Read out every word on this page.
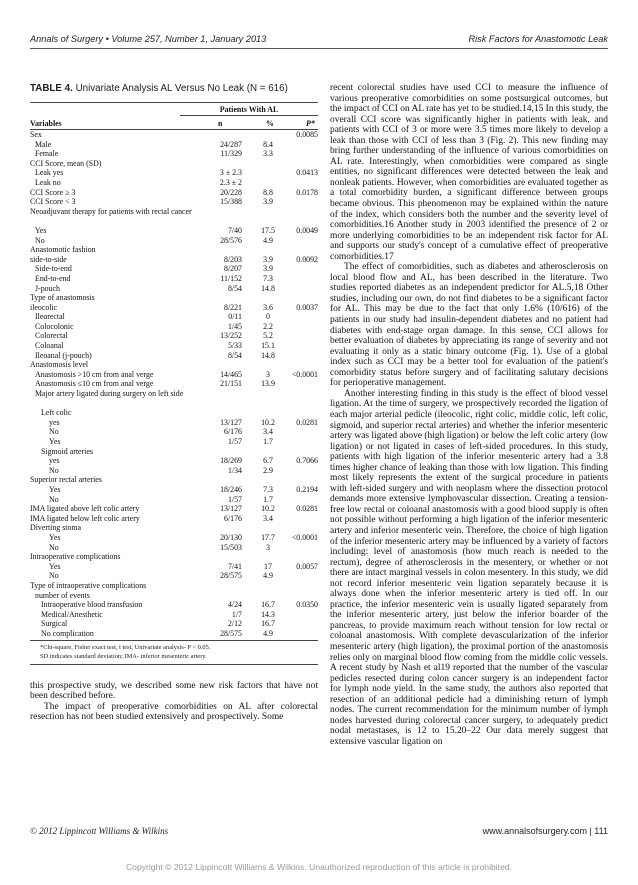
Annals of Surgery • Volume 257, Number 1, January 2013	Risk Factors for Anastomotic Leak
TABLE 4. Univariate Analysis AL Versus No Leak (N = 616)
Patients With AL
Variables	n	%	P*
Sex	0.0085
Male	24/287	8.4
Female	11/329	3.3
CCI Score, mean (SD)
Leak yes	3 ± 2.3	0.0413
Leak no	2.3 ± 2
CCI Score ≥ 3	20/228	8.8	0.0178
CCI Score < 3	15/388	3.9
Neoadjuvant therapy for patients with rectal cancer
Yes	7/40	17.5	0.0049
No	28/576	4.9
Anastomotic fashion
side-to-side	8/203	3.9	0.0092
Side-to-end	8/207	3.9
End-to-end	11/152	7.3
J-pouch	8/54	14.8
Type of anastomosis
ileocolic	8/221	3.6	0.0037
Ileorectal	0/11	0
Colocolonic	1/45	2.2
Colorectal	13/252	5.2
Coloanal	5/33	15.1
Ileoanal (j-pouch)	8/54	14.8
Anastomosis level
Anastomosis >10 cm from anal verge	14/465	3	<0.0001
Anastomosis ≤10 cm from anal verge	21/151	13.9
Major artery ligated during surgery on left side
Left colic
yes	13/127	10.2	0.0281
No	6/176	3.4
Yes	1/57	1.7
Sigmoid arteries
yes	18/269	6.7	0.7066
No	1/34	2.9
Superior rectal arteries
Yes	18/246	7.3	0.2194
No	1/57	1.7
IMA ligated above left colic artery	13/127	10.2	0.0281
IMA ligated below left colic artery	6/176	3.4
Diverting stoma
Yes	20/130	17.7	<0.0001
No	15/503	3
Intraoperative complications
Yes	7/41	17	0.0057
No	28/575	4.9
Type of intraoperative complications
number of events
Intraoperative blood transfusion	4/24	16.7	0.0350
Medical/Anesthetic	1/7	14.3
Surgical	2/12	16.7
No complication	28/575	4.9
*Chi-square, Fisher exact test, t test, Univariate analysis- P < 0.05.
SD indicates standard deviation; IMA- inferior mesenteric artery.

this prospective study, we described some new risk factors that have not been described before.

The impact of preoperative comorbidities on AL after colorectal resection has not been studied extensively and prospectively. Some

recent colorectal studies have used CCI to measure the influence of various preoperative comorbidities on some postsurgical outcomes, but the impact of CCI on AL rate has yet to be studied.14,15 In this study, the overall CCI score was significantly higher in patients with leak, and patients with CCI of 3 or more were 3.5 times more likely to develop a leak than those with CCI of less than 3 (Fig. 2). This new finding may bring further understanding of the influence of various comorbidities on AL rate. Interestingly, when comorbidities were compared as single entities, no significant differences were detected between the leak and nonleak patients. However, when comorbidities are evaluated together as a total comorbidity burden, a significant difference between groups became obvious. This phenomenon may be explained within the nature of the index, which considers both the number and the severity level of comorbidities.16 Another study in 2003 identified the presence of 2 or more underlying comorbidities to be an independent risk factor for AL and supports our study's concept of a cumulative effect of preoperative comorbidities.17

The effect of comorbidities, such as diabetes and atherosclerosis on local blood flow and AL, has been described in the literature. Two studies reported diabetes as an independent predictor for AL.5,18 Other studies, including our own, do not find diabetes to be a significant factor for AL. This may be due to the fact that only 1.6% (10/616) of the patients in our study had insulin-dependent diabetes and no patient had diabetes with end-stage organ damage. In this sense, CCI allows for better evaluation of diabetes by appreciating its range of severity and not evaluating it only as a static binary outcome (Fig. 1). Use of a global index such as CCI may be a better tool for evaluation of the patient's comorbidity status before surgery and of facilitating salutary decisions for perioperative management.

Another interesting finding in this study is the effect of blood vessel ligation. At the time of surgery, we prospectively recorded the ligation of each major arterial pedicle (ileocolic, right colic, middle colic, left colic, sigmoid, and superior rectal arteries) and whether the inferior mesenteric artery was ligated above (high ligation) or below the left colic artery (low ligation) or not ligated in cases of left-sided procedures. In this study, patients with high ligation of the inferior mesenteric artery had a 3.8 times higher chance of leaking than those with low ligation. This finding most likely represents the extent of the surgical procedure in patients with left-sided surgery and with neoplasm where the dissection protocol demands more extensive lymphovascular dissection. Creating a tension-free low rectal or coloanal anastomosis with a good blood supply is often not possible without performing a high ligation of the inferior mesenteric artery and inferior mesenteric vein. Therefore, the choice of high ligation of the inferior mesenteric artery may be influenced by a variety of factors including: level of anastomosis (how much reach is needed to the rectum), degree of atherosclerosis in the mesentery, or whether or not there are intact marginal vessels in colon mesentery. In this study, we did not record inferior mesenteric vein ligation separately because it is always done when the inferior mesenteric artery is tied off. In our practice, the inferior mesenteric vein is usually ligated separately from the inferior mesenteric artery, just below the inferior boarder of the pancreas, to provide maximum reach without tension for low rectal or coloanal anastomosis. With complete devascularization of the inferior mesenteric artery (high ligation), the proximal portion of the anastomosis relies only on marginal blood flow coming from the middle colic vessels. A recent study by Nash et al19 reported that the number of the vascular pedicles resected during colon cancer surgery is an independent factor for lymph node yield. In the same study, the authors also reported that resection of an additional pedicle had a diminishing return of lymph nodes. The current recommendation for the minimum number of lymph nodes harvested during colorectal cancer surgery, to adequately predict nodal metastases, is 12 to 15.20–22 Our data merely suggest that extensive vascular ligation on

© 2012 Lippincott Williams & Wilkins	www.annalsofsurgery.com | 111
Copyright © 2012 Lippincott Williams & Wilkins. Unauthorized reproduction of this article is prohibited.
